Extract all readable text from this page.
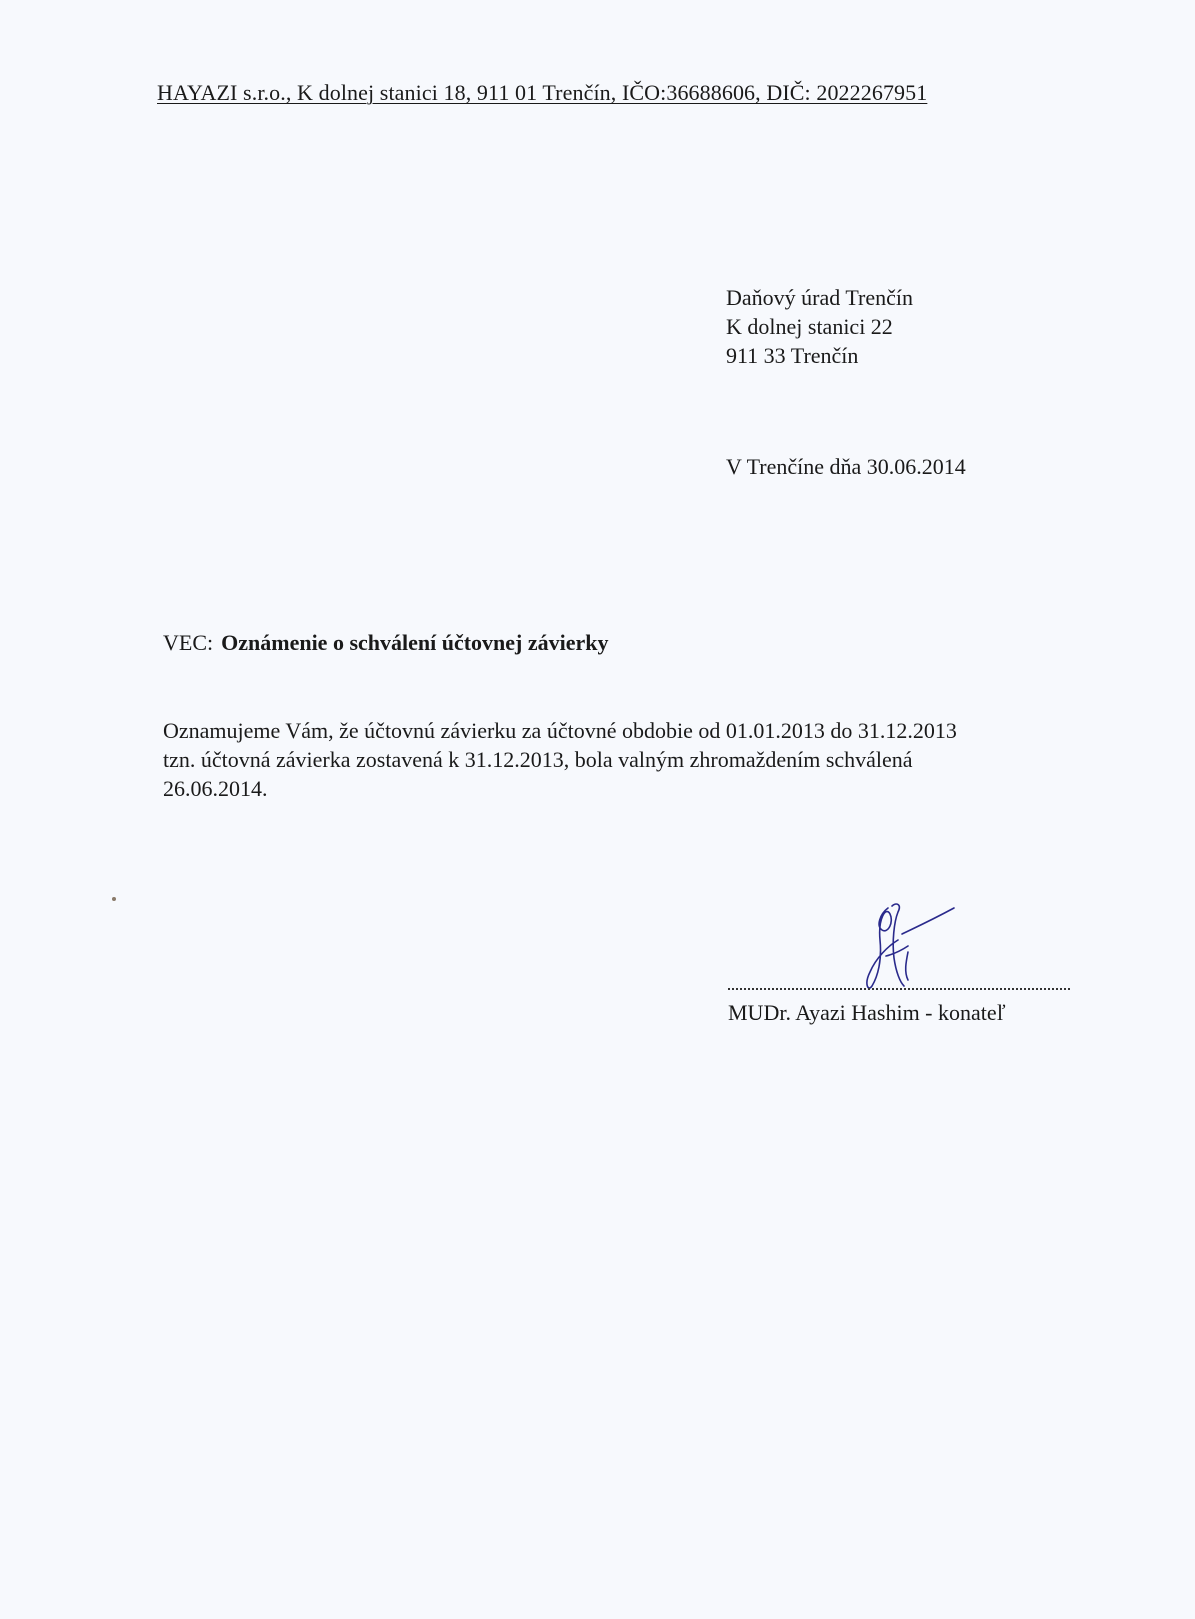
HAYAZI s.r.o., K dolnej stanici 18, 911 01 Trenčín, IČO:36688606, DIČ: 2022267951
Daňový úrad Trenčín
K dolnej stanici 22
911 33 Trenčín
V Trenčíne dňa 30.06.2014
VEC: Oznámenie o schválení účtovnej závierky
Oznamujeme Vám, že účtovnú závierku za účtovné obdobie od 01.01.2013 do 31.12.2013
tzn. účtovná závierka zostavená k 31.12.2013, bola valným zhromaždením schválená
26.06.2014.
MUDr. Ayazi Hashim - konateľ
